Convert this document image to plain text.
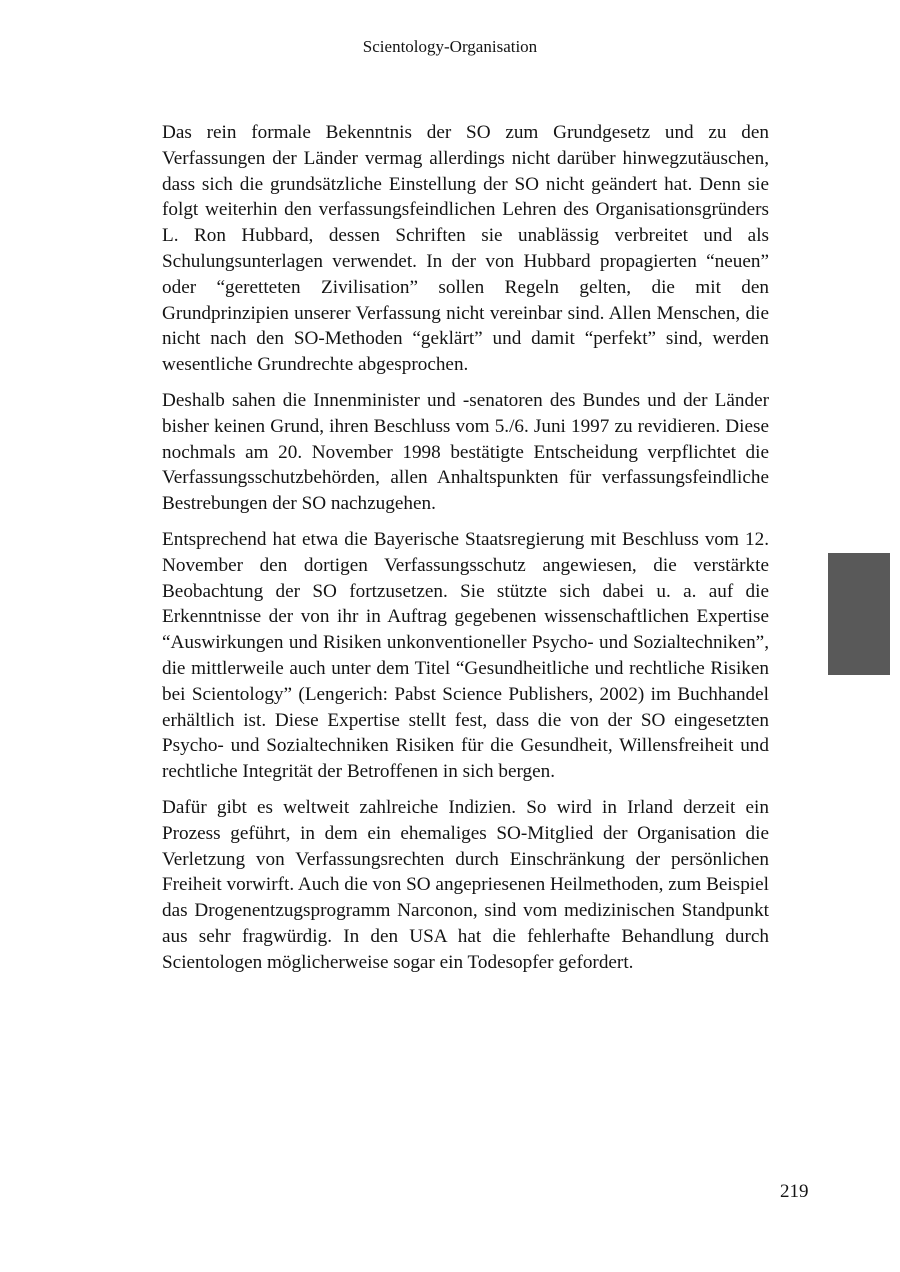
Scientology-Organisation

Das rein formale Bekenntnis der SO zum Grundgesetz und zu den Verfassungen der Länder vermag allerdings nicht darüber hinwegzutäuschen, dass sich die grundsätzliche Einstellung der SO nicht geändert hat. Denn sie folgt weiterhin den verfassungsfeindlichen Lehren des Organisationsgründers L. Ron Hubbard, dessen Schriften sie unablässig verbreitet und als Schulungsunterlagen verwendet. In der von Hubbard propagierten “neuen” oder “geretteten Zivilisation” sollen Regeln gelten, die mit den Grundprinzipien unserer Verfassung nicht vereinbar sind. Allen Menschen, die nicht nach den SO-Methoden “geklärt” und damit “perfekt” sind, werden wesentliche Grundrechte abgesprochen.

Deshalb sahen die Innenminister und -senatoren des Bundes und der Länder bisher keinen Grund, ihren Beschluss vom 5./6. Juni 1997 zu revidieren. Diese nochmals am 20. November 1998 bestätigte Entscheidung verpflichtet die Verfassungsschutzbehörden, allen Anhaltspunkten für verfassungsfeindliche Bestrebungen der SO nachzugehen.

Entsprechend hat etwa die Bayerische Staatsregierung mit Beschluss vom 12. November den dortigen Verfassungsschutz angewiesen, die verstärkte Beobachtung der SO fortzusetzen. Sie stützte sich dabei u. a. auf die Erkenntnisse der von ihr in Auftrag gegebenen wissenschaftlichen Expertise “Auswirkungen und Risiken unkonventioneller Psycho- und Sozialtechniken”, die mittlerweile auch unter dem Titel “Gesundheitliche und rechtliche Risiken bei Scientology” (Lengerich: Pabst Science Publishers, 2002) im Buchhandel erhältlich ist. Diese Expertise stellt fest, dass die von der SO eingesetzten Psycho- und Sozialtechniken Risiken für die Gesundheit, Willensfreiheit und rechtliche Integrität der Betroffenen in sich bergen.

Dafür gibt es weltweit zahlreiche Indizien. So wird in Irland derzeit ein Prozess geführt, in dem ein ehemaliges SO-Mitglied der Organisation die Verletzung von Verfassungsrechten durch Einschränkung der persönlichen Freiheit vorwirft. Auch die von SO angepriesenen Heilmethoden, zum Beispiel das Drogenentzugsprogramm Narconon, sind vom medizinischen Standpunkt aus sehr fragwürdig. In den USA hat die fehlerhafte Behandlung durch Scientologen möglicherweise sogar ein Todesopfer gefordert.

219
